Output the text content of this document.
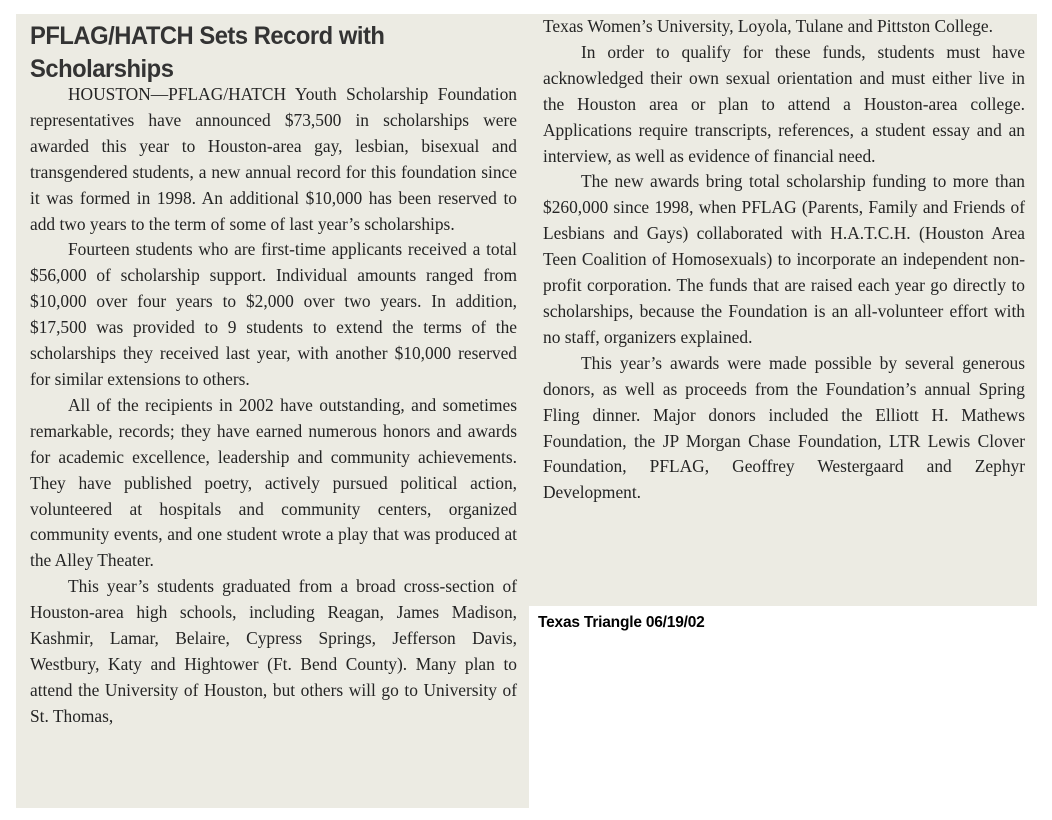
PFLAG/HATCH Sets Record with Scholarships

HOUSTON—PFLAG/HATCH Youth Scholarship Foundation representatives have announced $73,500 in scholarships were awarded this year to Houston-area gay, lesbian, bisexual and transgendered students, a new annual record for this foundation since it was formed in 1998. An additional $10,000 has been reserved to add two years to the term of some of last year’s scholarships.

Fourteen students who are first-time applicants received a total $56,000 of scholarship support. Individual amounts ranged from $10,000 over four years to $2,000 over two years. In addition, $17,500 was provided to 9 students to extend the terms of the scholarships they received last year, with another $10,000 reserved for similar extensions to others.

All of the recipients in 2002 have outstanding, and sometimes remarkable, records; they have earned numerous honors and awards for academic excellence, leadership and community achievements. They have published poetry, actively pursued political action, volunteered at hospitals and community centers, organized community events, and one student wrote a play that was produced at the Alley Theater.

This year’s students graduated from a broad cross-section of Houston-area high schools, including Reagan, James Madison, Kashmir, Lamar, Belaire, Cypress Springs, Jefferson Davis, Westbury, Katy and Hightower (Ft. Bend County). Many plan to attend the University of Houston, but others will go to University of St. Thomas,

Texas Women’s University, Loyola, Tulane and Pittston College.

In order to qualify for these funds, students must have acknowledged their own sexual orientation and must either live in the Houston area or plan to attend a Houston-area college. Applications require transcripts, references, a student essay and an interview, as well as evidence of financial need.

The new awards bring total scholarship funding to more than $260,000 since 1998, when PFLAG (Parents, Family and Friends of Lesbians and Gays) collaborated with H.A.T.C.H. (Houston Area Teen Coalition of Homosexuals) to incorporate an independent non-profit corporation. The funds that are raised each year go directly to scholarships, because the Foundation is an all-volunteer effort with no staff, organizers explained.

This year’s awards were made possible by several generous donors, as well as proceeds from the Foundation’s annual Spring Fling dinner. Major donors included the Elliott H. Mathews Foundation, the JP Morgan Chase Foundation, LTR Lewis Clover Foundation, PFLAG, Geoffrey Westergaard and Zephyr Development.

Texas Triangle 06/19/02
